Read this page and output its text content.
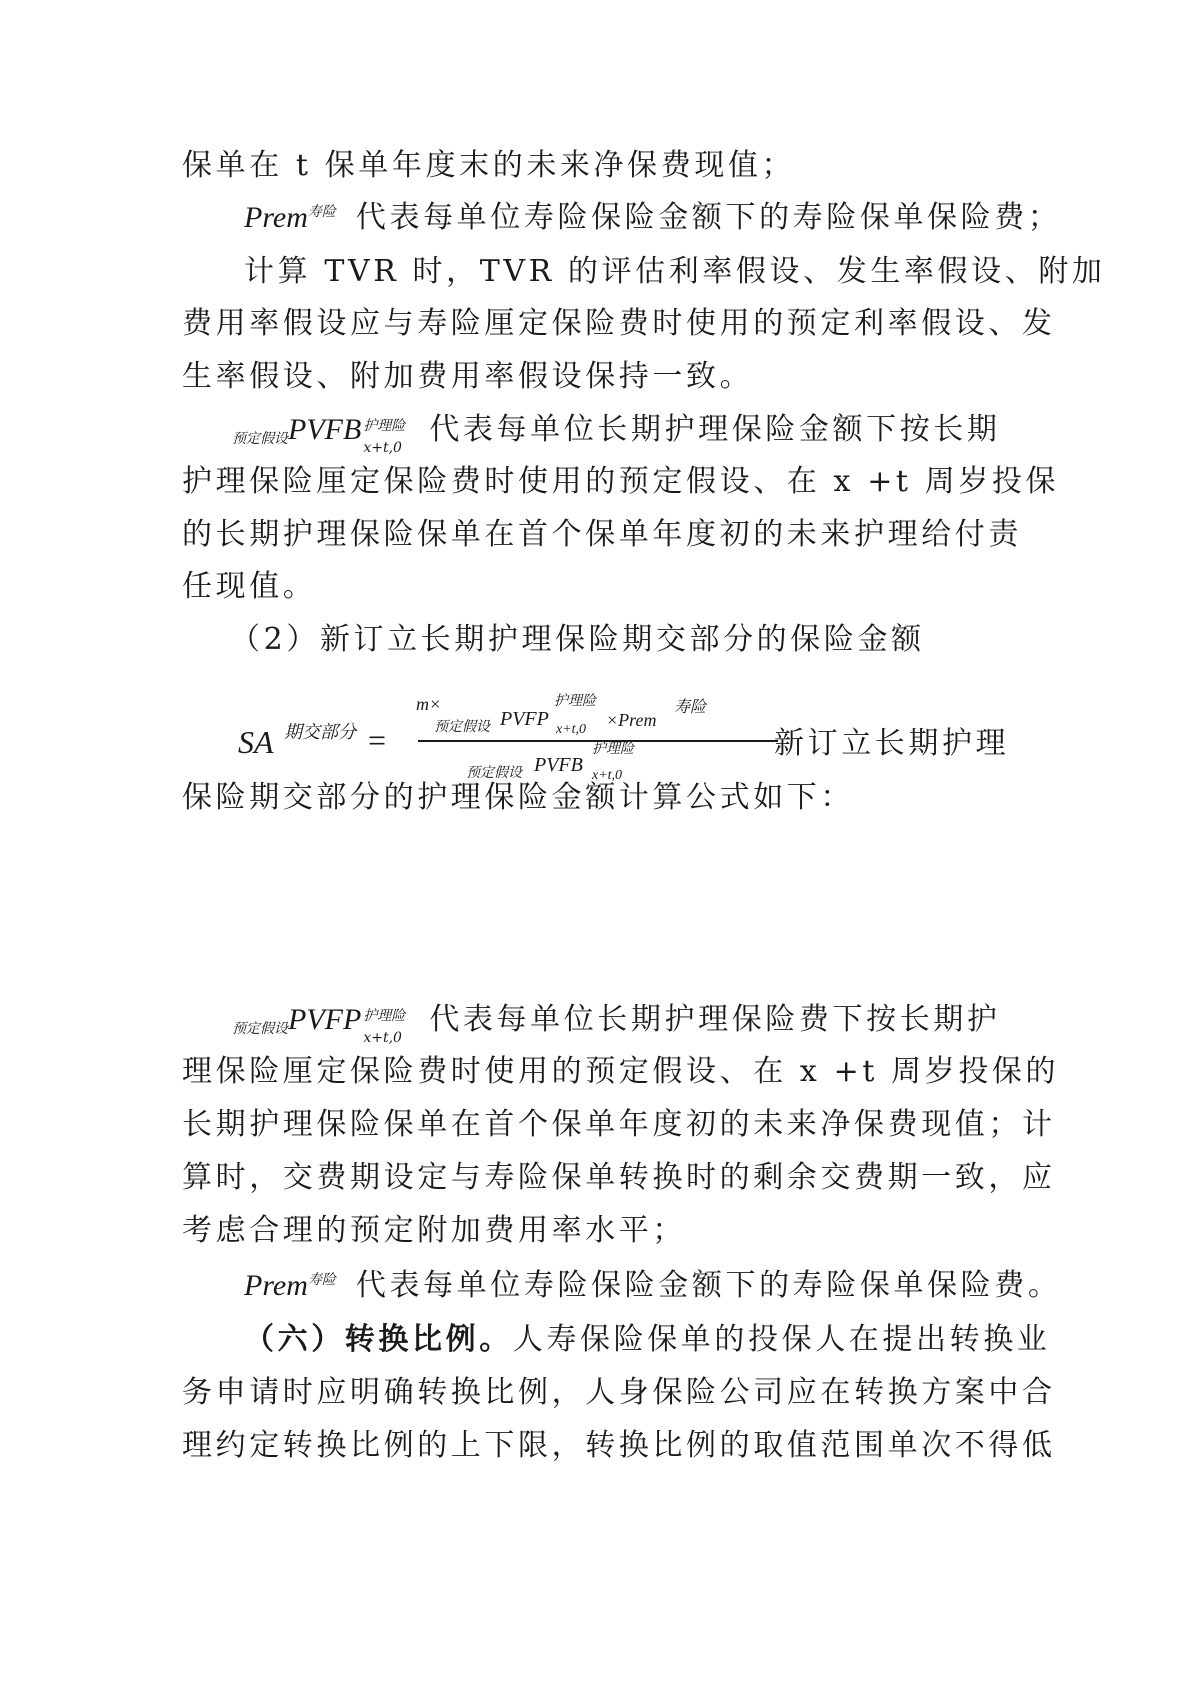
保单在 t 保单年度末的未来净保费现值；
Prem 寿险 代表每单位寿险保险金额下的寿险保单保险费；
计算 TVR 时，TVR 的评估利率假设、发生率假设、附加
费用率假设应与寿险厘定保险费时使用的预定利率假设、发
生率假设、附加费用率假设保持一致。
预定假设PVFB 护理险
x+t,0
代表每单位长期护理保险金额下按长期
护理保险厘定保险费时使用的预定假设、在 x +t 周岁投保
的长期护理保险保单在首个保单年度初的未来护理给付责
任现值。
（2）新订立长期护理保险期交部分的保险金额
SA 期交部分 =
m×
预定假设 PVFP
护理险
x+t,0 ×Prem
寿险
预定假设 PVFB
护理险
x+t,0
新订立长期护理
保险期交部分的护理保险金额计算公式如下：
预定假设PVFP 护理险
x+t,0
代表每单位长期护理保险费下按长期护
理保险厘定保险费时使用的预定假设、在 x +t 周岁投保的
长期护理保险保单在首个保单年度初的未来净保费现值；计
算时，交费期设定与寿险保单转换时的剩余交费期一致，应
考虑合理的预定附加费用率水平；
Prem 寿险 代表每单位寿险保险金额下的寿险保单保险费。
（六）转换比例。人寿保险保单的投保人在提出转换业
务申请时应明确转换比例，人身保险公司应在转换方案中合
理约定转换比例的上下限，转换比例的取值范围单次不得低
